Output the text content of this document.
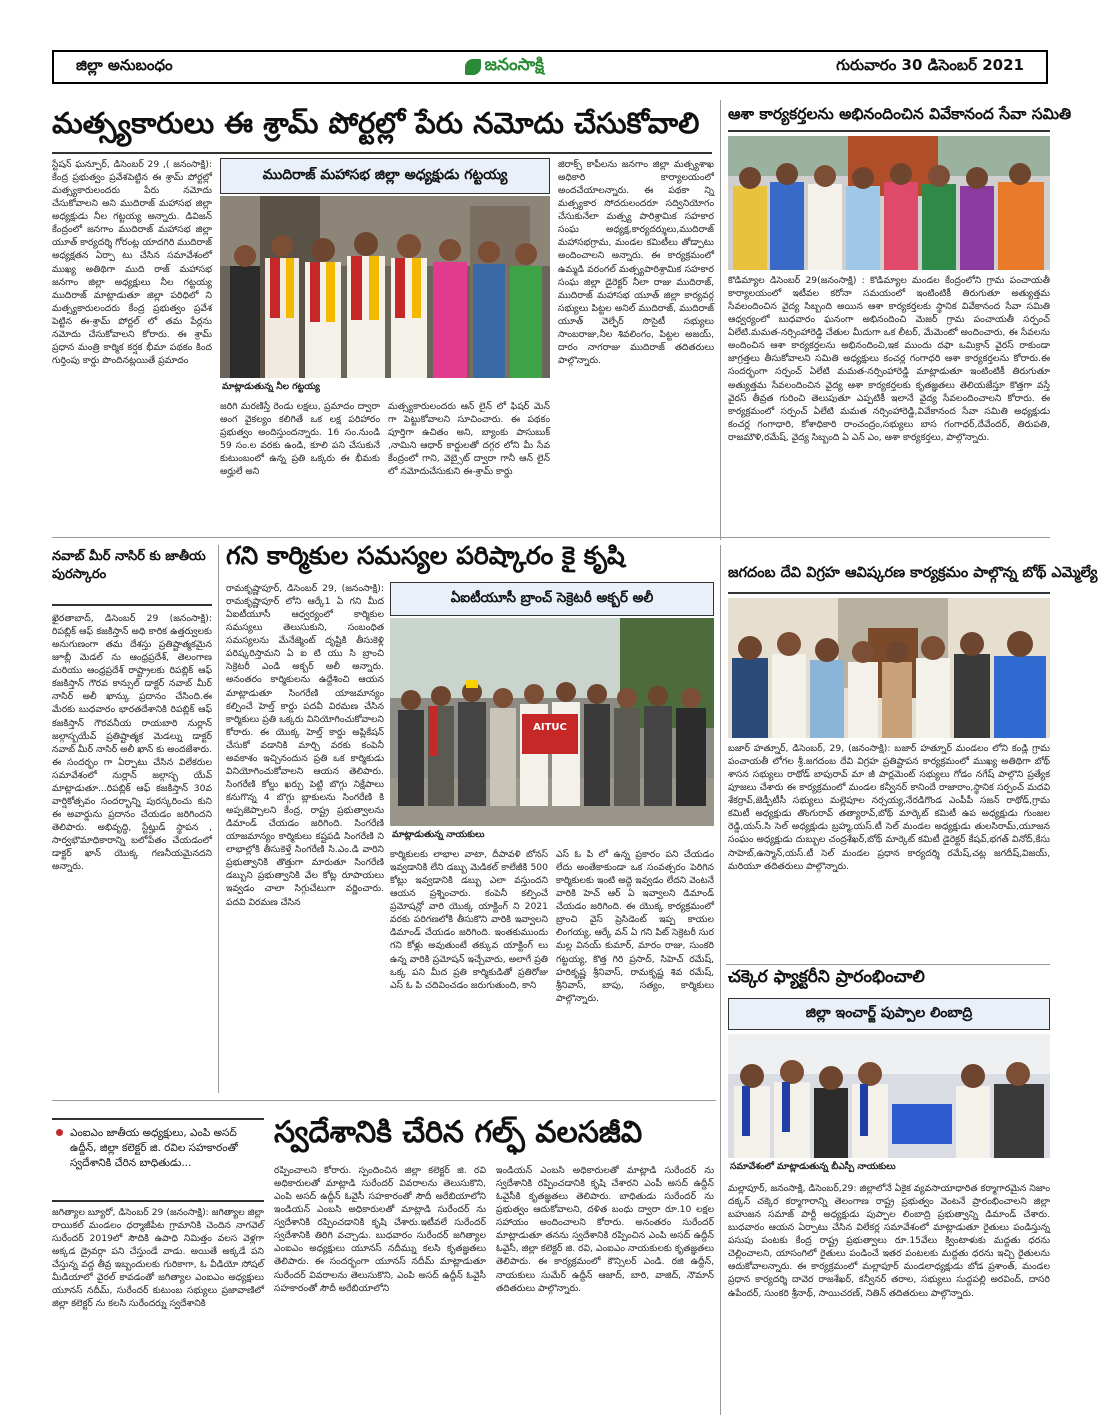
జిల్లా అనుబంధం	జనంసాక్షి	గురువారం 30 డిసెంబర్ 2021
మత్స్యకారులు ఈ శ్రామ్ పోర్టల్లో పేరు నమోదు చేసుకోవాలి
స్టేషన్ ఘన్పూర్, డిసెంబర్ 29 ,( జనంసాక్షి): కేంద్ర ప్రభుత్వం ప్రవేశపెట్టిన ఈ శ్రామ్ పోర్టల్లో మత్స్యకారులందరు పేరు నమోదు చేసుకోవాలని అని ముదిరాజ్ మహాసభ జిల్లా అధ్యక్షుడు నీల గట్టయ్య అన్నారు. డివిజన్ కేంద్రంలో జనగాం ముదిరాజ్ మహాసభ జిల్లా యూత్ కార్యదర్శి గోరంట్ల యాదగిరి ముదిరాజ్ అధ్యక్షతన ఏర్పా టు చేసిన సమావేశంలో ముఖ్య అతిథిగా ముది రాజ్ మహాసభ జనగాం జిల్లా అధ్యక్షులు నీల గట్టయ్య ముదిరాజ్ మాట్లాడుతూ జిల్లా పరిధిలో ని మత్స్యకారులందరు కేంద్ర ప్రభుత్వం ప్రవేశ పెట్టిన ఈ-శ్రామ్ పోర్టల్ లో తమ పేర్లను నమోదు చేసుకోవాలని కోరారు. ఈ శ్రామ్ ప్రధాన మంత్రి కార్మిక కర్షక భీమా పథకం కింద గుర్తింపు కార్డు పొందినట్లయితే ప్రమాదం
ముదిరాజ్ మహాసభ జిల్లా అధ్యక్షుడు గట్టయ్య
మాట్లాడుతున్న నీల గట్టయ్య
జరిగి మరణిస్తే రెండు లక్షలు, ప్రమాదం ద్వారా అంగ వైకల్యం కలిగితే ఒక లక్ష పరిహారం ప్రభుత్వం అందిస్తుందన్నారు. 16 సం.నుండి 59 సం.ల వరకు ఉండి, కూలి పని చేసుకునే కుటుంబంలో ఉన్న ప్రతి ఒక్కరు ఈ భీమకు అర్హులే అని
మత్స్యకారులందరు ఆన్ లైన్ లో ఫిషర్ మెన్ గా పెట్టుకోవాలని సూచించారు. ఈ పథకం పూర్తిగా ఉచితం అని, బ్యాంకు పాసుబుక్ ,నామిని ఆధార్ కార్డులతో దగ్గర లోని మీ సేవ కేంద్రంలో గాని, వెబ్సైట్ ద్వారా గానీ ఆన్ లైన్ లో నమోదుచేసుకుని ఈ-శ్రామ్ కార్డు
జిరాక్స్ కాపీలను జనగాం జిల్లా మత్స్యశాఖ అధికారి కార్యాలయంలో అందచేయాలన్నారు. ఈ పథకా న్ని మత్స్యకార సోదరులందరూ సద్వినియోగం చేసుకునేలా మత్స్య పారిశ్రామిక సహకార సంఘ అధ్యక్ష,కార్యదర్శులు,ముదిరాజ్ మహాసభగ్రామ, మండల కమిటీలు తోడ్పాటు అందించాలని అన్నారు. ఈ కార్యక్రమంలో ఉమ్మడి వరంగల్ మత్స్యపారిశ్రామిక సహకార సంఘ జిల్లా డైరెక్టర్ నీలా రాజు ముదిరాజ్, ముదిరాజ్ మహాసభ యూత్ జిల్లా కార్యవర్గ సభ్యులు పిట్టల అనిల్ ముదిరాజ్, ముదిరాజ్ యూత్ వెల్ఫేర్ సొసైటీ సభ్యులు సాంబరాజు,నీల శివలింగం, పిట్టల అజయ్, దారం నాగరాజు ముదిరాజ్ తదితరులు పాల్గొన్నారు.
ఆశా కార్యకర్తలను అభినందించిన వివేకానంద సేవా సమితి
కొడిమ్యాల డిసెంబర్ 29(జనంసాక్షి) : కొడిమ్యాల మండల కేంద్రంలోని గ్రామ పంచాయతీ కార్యాలయంలో ఇటీవల కరోనా సమయంలో ఇంటింటికీ తిరుగుతూ అత్యుత్తమ సేవలందించిన వైద్య సిబ్బంది అయిన ఆశా కార్యకర్తలకు స్థానిక వివేకానంద సేవా సమితి ఆధ్వర్యంలో బుధవారం ఘనంగా అభినందించి మెజర్ గ్రామ పంచాయతీ సర్పంచ్ ఏలేటి.మమత-నర్సింహారెడ్డి చేతుల మీదుగా ఒక లీటర్, మేమెంటో అందించారు, ఈ సేవలను అందించిన ఆశా కార్యకర్తలను అభినందించి,ఇక ముందు దఫా ఒమిక్రాన్ వైరస్ రాకుండా జాగ్రత్తలు తీసుకోవాలని సమితి అధ్యక్షులు కంచర్ల గంగాధరి ఆశా కార్యకర్తలను కోరారు.ఈ సందర్భంగా సర్పంచ్ ఏలేటి మమత-నర్సింహారెడ్డి మాట్లాడుతూ ఇంటింటికీ తిరుగుతూ అత్యుత్తమ సేవలందించిన వైద్య ఆశా కార్యకర్తలకు కృతజ్ఞతలు తెలియజేస్తూ కొత్తగా వస్తే వైరస్ తీవ్రత గురించి తెలుపుతూ ఎప్పటికీ ఇలానే వైద్య సేవలందించాలని కోరారు. ఈ కార్యక్రమంలో సర్పంచ్ ఏలేటి మమత నర్సింహారెడ్డి,వివేకానంద సేవా సమితి అధ్యక్షుడు కంచర్ల గంగాధారి, కోశాధికారి రాంచంద్రం,సభ్యులు బాస గంగాధర్,దేవేందర్, తిరుపతి, రాజమౌళి,రమేష్, వైద్య సిబ్బంది ఏ ఎన్ ఎం, ఆశా కార్యకర్తలు, పాల్గొన్నారు.
నవాబ్ మీర్ నాసిర్ కు జాతీయ పురస్కారం
ఖైరతాబాద్, డిసెంబర్ 29 (జనంసాక్షి): రిపబ్లిక్ ఆఫ్ కజకిస్తాన్ అధి కారిక ఉత్తర్వులకు అనుగుణంగా తమ దేశస్తు ప్రతిష్టాత్మకమైన జూబ్లీ మెడల్ ను ఆంధ్రప్రదేశ్, తెలంగాణ మరియు ఆంధ్రప్రదేశ్ రాష్ట్రాలకు రిపబ్లిక్ ఆఫ్ కజకిస్తాన్ గౌరవ కాన్సుల్ డాక్టర్ నవాబ్ మీర్ నాసిర్ అలీ ఖాన్కు ప్రదానం చేసింది.ఈ మేరకు బుధవారం భారతదేశానికి రిపబ్లిక్ ఆఫ్ కజకిస్తాన్ గౌరవనీయ రాయబారి నుర్లాన్ జల్గాస్బయేవ్ ప్రతిష్టాత్మక మెడల్ను డాక్టర్ నవాబ్ మీర్ నాసిర్ అలీ ఖాన్ కు అందజేశారు. ఈ సందర్భం గా ఏర్పాటు చేసిన విలేకరుల సమావేశంలో నుర్లాన్ జల్గాస్బ యేవ్ మాట్లాడుతూ...రిపబ్లిక్ ఆఫ్ కజకిస్తాన్ 30వ వార్షికోత్సవం సందర్భాన్ని పురస్కరించు కుని ఈ అవార్డును ప్రదానం చేయడం జరిగిందని తెలిపారు. అభివృద్ధి, స్టేట్హుడ్ స్థాపన , సార్వభౌమాధికారాన్ని బలోపేతం చేయడంలో డాక్టర్ ఖాన్ యొక్క గణనీయమైనదని అన్నారు.
గని కార్మికుల సమస్యల పరిష్కారం కై కృషి
రామకృష్ణాపూర్, డిసెంబర్ 29, (జనంసాక్షి): రామకృష్ణాపూర్ లోని ఆర్కే1 ఏ గని మీద ఏఐటీయూసీ ఆధ్వర్యంలో కార్మికుల సమస్యలు తెలుసుకుని, సంబంధిత సమస్యలను మేనేజ్మెంట్ దృష్టికి తీసుకెళ్లి పరిష్కరిస్తామని ఏ ఐ టి యు సి బ్రాంచి సెక్రెటరీ ఎండి అక్బర్ అలీ అన్నారు. అనంతరం కార్మికులను ఉద్దేశించి ఆయన మాట్లాడుతూ సింగరేణి యాజమాన్యం కల్పించే హెల్త్ కార్డు పదవీ విరమణ చేసిన కార్మికులు ప్రతి ఒక్కరు వినియోగించుకోవాలని కోరారు. ఈ యొక్క హెల్త్ కార్డు అప్లికేషన్ చేసుకో వడానికి మార్చి వరకు కంపెనీ అవకాశం ఇచ్చినందున ప్రతి ఒక కార్మికుడు వినియోగించుకోవాలని ఆయన తెలిపారు. సింగరేణి కోల్డు ఖర్చు పెట్టి బొగ్గు నిక్షేపాలు కనుగొన్న 4 బొగ్గు బ్లాకులను సింగరేణి కి అప్పజెప్పాలని కేంద్ర, రాష్ట్ర ప్రభుత్వాలను డిమాండ్ చేయడం జరిగింది. సింగరేణి యాజమాన్యం కార్మికులు కష్టపడి సింగరేణి ని లాభాల్లోకి తీసుకెళ్తే సింగరేణి సి.ఎం.డి వారిని ప్రభుత్వానికి తొత్తుగా మారుతూ సింగరేణి డబ్బుని ప్రభుత్వానికి వేల కోట్ల రూపాయలు ఇవ్వడం చాలా సిగ్గుచేటుగా వర్ణించారు. పదవి విరమణ చేసిన
ఏఐటీయూసీ బ్రాంచ్ సెక్రెటరీ అక్బర్ అలీ
AITUC
మాట్లాడుతున్న నాయకులు
కార్మికులకు లాభాల వాటా, దీపావళి బోనస్ ఇవ్వడానికి లేని డబ్బు మెడికల్ కాలేజీకి 500 కోట్లు ఇవ్వడానికి డబ్బు ఎలా వస్తుందని ఆయన ప్రశ్నించారు. కంపెనీ కల్పించే ప్రమోషన్లో వారి యొక్క యాక్టింగ్ ని 2021 వరకు పరిగణలోకి తీసుకొని వారికి ఇవ్వాలని డిమాండ్ చేయడం జరిగింది. ఇంతకుముందు గని కోళ్లు అవుతుంటే తక్కువ యాక్టింగ్ లు ఉన్న వారికి ప్రమోషన్ ఇచ్చేవారు, అలాగే ప్రతి ఒక్క పని మీద ప్రతి కార్మికుడితో ప్రతిరోజు ఎస్ ఓ పి చదివించడం జరుగుతుంది, కాని
ఎస్ ఓ పి లో ఉన్న ప్రకారం పని చేయడం లేదు అంతేకాకుండా ఒక సంవత్సరం పెరిగిన కార్మికులకు ఇంటి అద్దె ఇవ్వడం లేదని వెంటనే వారికి హెచ్ ఆర్ ఏ ఇవ్వాలని డిమాండ్ చేయడం జరిగింది. ఈ యొక్క కార్యక్రమంలో బ్రాంచి వైస్ ప్రెసిడెంట్ ఇప్ప కాయల లింగయ్య, ఆర్కే వన్ ఏ గని పిట్ సెక్రెటరీ సుర మల్ల వినయ్ కుమార్, మారం రాజు, సుంకరి గట్టయ్య, కొత్త గిరి ప్రసాద్, సిహెచ్ రమేష్, హరికృష్ణ శ్రీనివాస్, రామకృష్ణ శివ రమేష్, శ్రీనివాస్, బాపు, సత్యం, కార్మికులు పాల్గొన్నారు.
జగదంబ దేవి విగ్రహ ఆవిష్కరణ కార్యక్రమం పాల్గొన్న బోథ్ ఎమ్మెల్యే
బజార్ హత్నూర్, డిసెంబర్, 29, (జనంసాక్షి): బజార్ హత్నూర్ మండలం లోని కండ్లి గ్రామ పంచాయతీ లోగల శ్రీ.జగదంబ దేవి విగ్రహ ప్రతిష్టాపన కార్యక్రమంలో ముఖ్య అతిథిగా బోథ్ శాసన సభ్యులు రాథోడ్ బాపురావ్ మా జీ పార్లమెంట్ సభ్యులు గోడం నగేష్ పాల్గొని ప్రత్యేక పూజలు చేశారు ఈ కార్యక్రమంలో మండల కన్వీనర్ కానిందే రాజారాం,స్థానిక సర్పంచ్ మదవి శేకర్రావ్,జెడ్పీటీసీ సభ్యులు మల్లెపూల నర్సయ్య,నేరడిగొండ ఎంపీపీ సజన్ రాథోడ్,గ్రామ కమిటీ అధ్యక్షుడు తొంగురావ్ తత్యారావ్,బోథ్ మార్కెట్ కమిటీ ఉప అధ్యక్షుడు గుంజల రెడ్డి,యస్.సి సెల్ అధ్యక్షుడు బ్రహ్మ,యస్.టీ సెల్ మండల అధ్యక్షుడు తులసిరామ్,యూజన సంఘం అధ్యక్షుడు దుబ్బుల చంద్రశేఖర్,బోథ్ మార్కెట్ కమిటీ డైరెక్టర్ కేషవ్,భగత్ వినోద్,కేసు సాహెబ్,ఉస్మాన్,యస్.టీ సెల్ మండల ప్రధాన కార్యదర్శి రమేష్,చట్ల జగదీష్,విజయ్, మరియూ తదితరులు పాల్గొన్నారు.
చక్కెర ఫ్యాక్టరీని ప్రారంభించాలి
జిల్లా ఇంచార్జ్ పుప్పాల లింబాద్రి
సమావేశంలో మాట్లాడుతున్న బీఎస్పీ నాయకులు
మల్లాపూర్, జనంసాక్షి, డిసెంబర్,29: జిల్లాలోనే ఏకైక వ్యవసాయాధారిత కర్మాగారమైన నిజాం దక్కన్ చక్కెర కర్మాగారాన్ని తెలంగాణ రాష్ట్ర ప్రభుత్వం వెంటనే ప్రారంభించాలని జిల్లా బహుజన సమాజ్ పార్టీ అధ్యక్షుడు పుప్పాల లింబాద్రి ప్రభుత్వాన్ని డిమాండ్ చేశారు. బుధవారం ఆయన ఏర్పాటు చేసిన విలేకర్ల సమావేశంలో మాట్లాడుతూ రైతులు పండిస్తున్న పసుపు పంటకు కేంద్ర రాష్ట్ర ప్రభుత్వాలు రూ.15వేలు క్వింటాళుకు మద్దతు ధరను చెల్లించాలని, యాసంగిలో రైతులు పండించే ఇతర పంటలకు మద్దతు ధరను ఇచ్చి రైతులను ఆదుకోవాలన్నారు. ఈ కార్యక్రమంలో మల్లాపూర్ మండలాధ్యక్షుడు బోడ ప్రశాంత్, మండల ప్రధాన కార్యదర్శి దావెర రాజశేఖర్, కన్వీనర్ తరాల, సభ్యులు సుద్దపల్లి అరవింద్, దాసరి ఉపేందర్, సుంకరి శ్రీనాథ్, సాయిచరణ్, నితిన్ తదితరులు పాల్గొన్నారు.
ఎంఐఎం జాతీయ అధ్యక్షులు, ఎంపి అసద్ ఉద్దీన్, జిల్లా కలెక్టర్ జి. రవిల సహకారంతో స్వదేశానికి చేరిన బాధితుడు...
స్వదేశానికి చేరిన గల్ఫ్ వలసజీవి
జగిత్యాల బ్యూరో, డిసెంబర్ 29 (జనంసాక్షి): జగిత్యాల జిల్లా రాయికల్ మండలం ధర్మాజీపేట గ్రామానికి చెందిన నాగవెల్ సురేందర్ 2019లో సౌదికి ఉపాధి నిమిత్తం వలస వెళ్లగా అక్కడ డ్రైవర్గా పని చేస్తుండే వాడు. అయితే అక్కడే పని చేస్తున్న వద్ద తీవ్ర ఇబ్బందులకు గురికాగా, ఓ వీడియో సోషల్ మీడియాలో వైరల్ కావడంతో జగిత్యాల ఎంఐఎం అధ్యక్షులు యూనస్ నదీమ్, సురేందర్ కుటుంబ సభ్యులు ప్రజావాణిలో జిల్లా కలెక్టర్ ను కలసి సురేందర్ను స్వదేశానికి
రప్పించాలని కోరారు. స్పందించిన జిల్లా కలెక్టర్ జి. రవి అధికారులతో మాట్లాడి సురేందర్ వివరాలను తెలుసుకొని, ఎంపి అసద్ ఉద్దీన్ ఓవైసీ సహకారంతో సౌదీ అరేబియాలోని ఇండియన్ ఎంబసి అధికారులతో మాట్లాడి సురేందర్ ను స్వదేశానికి రప్పించడానికి కృషి చేశారు.ఇటీవలే సురేందర్ స్వదేశానికి తిరిగి వచ్చాడు. బుధవారం సురేందర్ జగిత్యాల ఎంఐఎం అధ్యక్షులు యూనస్ నదీమ్ను కలసి కృతజ్ఞతలు తెలిపారు. ఈ సందర్భంగా యూనస్ నదీమ్ మాట్లాడుతూ సురేందర్ వివరాలను తెలుసుకొని, ఎంపి అసద్ ఉద్దీన్ ఓవైసీ సహకారంతో సౌదీ అరేబియాలోని
ఇండియన్ ఎంబసి అధికారులతో మాట్లాడి సురేందర్ ను స్వదేశానికి రప్పించడానికి కృషి చేశారని ఎంపీ అసద్ ఉద్దీన్ ఓవైసీకి కృతజ్ఞతలు తెలిపారు. బాధితుడు సురేందర్ ను ప్రభుత్వం ఆదుకోవాలని, దళిత బంధు ద్వారా రూ.10 లక్షల సహాయం అందించాలని కోరారు. అనంతరం సురేందర్ మాట్లాడుతూ తనను స్వదేశానికి రప్పించిన ఎంపి అసద్ ఉద్దీన్ ఓవైసీ, జిల్లా కలెక్టర్ జి. రవి, ఎంఐఎం నాయకులకు కృతజ్ఞతలు తెలిపారు. ఈ కార్యక్రమంలో కౌన్సిలర్ ఎండి. రజి ఉద్దీన్, నాయకులు సుమేర్ ఉద్దీన్ ఆజాద్, బారి, వాజిద్, నౌమాన్ తదితరులు పాల్గొన్నారు.
